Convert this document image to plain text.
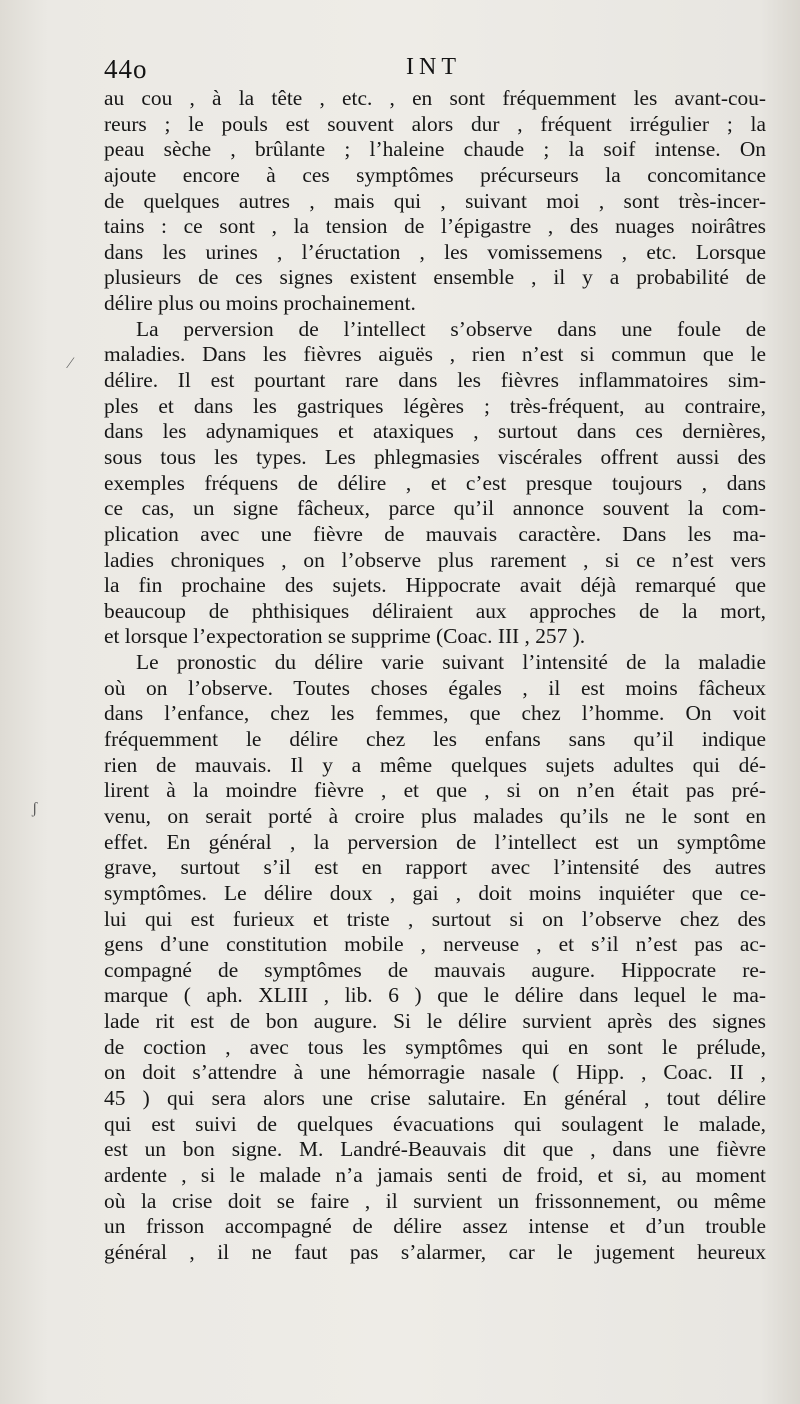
44o	INT
⁄
ʃ
au cou , à la tête , etc. , en sont fréquemment les avant-cou-
reurs ; le pouls est souvent alors dur , fréquent irrégulier ; la
peau sèche , brûlante ; l’haleine chaude ; la soif intense. On
ajoute encore à ces symptômes précurseurs la concomitance
de quelques autres , mais qui , suivant moi , sont très-incer-
tains : ce sont , la tension de l’épigastre , des nuages noirâtres
dans les urines , l’éructation , les vomissemens , etc. Lorsque
plusieurs de ces signes existent ensemble , il y a probabilité de
délire plus ou moins prochainement.
La perversion de l’intellect s’observe dans une foule de
maladies. Dans les fièvres aiguës , rien n’est si commun que le
délire. Il est pourtant rare dans les fièvres inflammatoires sim-
ples et dans les gastriques légères ; très-fréquent, au contraire,
dans les adynamiques et ataxiques , surtout dans ces dernières,
sous tous les types. Les phlegmasies viscérales offrent aussi des
exemples fréquens de délire , et c’est presque toujours , dans
ce cas, un signe fâcheux, parce qu’il annonce souvent la com-
plication avec une fièvre de mauvais caractère. Dans les ma-
ladies chroniques , on l’observe plus rarement , si ce n’est vers
la fin prochaine des sujets. Hippocrate avait déjà remarqué que
beaucoup de phthisiques déliraient aux approches de la mort,
et lorsque l’expectoration se supprime (Coac. III , 257 ).
Le pronostic du délire varie suivant l’intensité de la maladie
où on l’observe. Toutes choses égales , il est moins fâcheux
dans l’enfance, chez les femmes, que chez l’homme. On voit
fréquemment le délire chez les enfans sans qu’il indique
rien de mauvais. Il y a même quelques sujets adultes qui dé-
lirent à la moindre fièvre , et que , si on n’en était pas pré-
venu, on serait porté à croire plus malades qu’ils ne le sont en
effet. En général , la perversion de l’intellect est un symptôme
grave, surtout s’il est en rapport avec l’intensité des autres
symptômes. Le délire doux , gai , doit moins inquiéter que ce-
lui qui est furieux et triste , surtout si on l’observe chez des
gens d’une constitution mobile , nerveuse , et s’il n’est pas ac-
compagné de symptômes de mauvais augure. Hippocrate re-
marque ( aph. XLIII , lib. 6 ) que le délire dans lequel le ma-
lade rit est de bon augure. Si le délire survient après des signes
de coction , avec tous les symptômes qui en sont le prélude,
on doit s’attendre à une hémorragie nasale ( Hipp. , Coac. II ,
45 ) qui sera alors une crise salutaire. En général , tout délire
qui est suivi de quelques évacuations qui soulagent le malade,
est un bon signe. M. Landré-Beauvais dit que , dans une fièvre
ardente , si le malade n’a jamais senti de froid, et si, au moment
où la crise doit se faire , il survient un frissonnement, ou même
un frisson accompagné de délire assez intense et d’un trouble
général , il ne faut pas s’alarmer, car le jugement heureux
